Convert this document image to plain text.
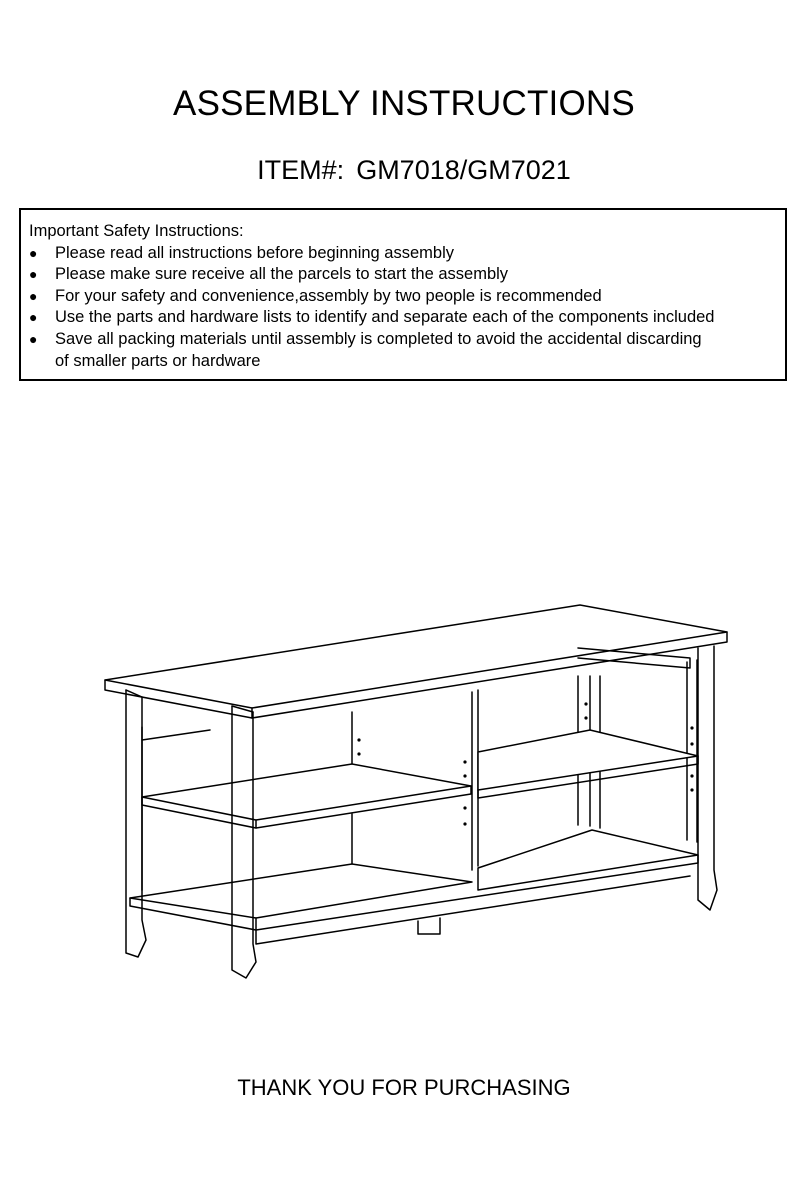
ASSEMBLY INSTRUCTIONS
ITEM#: GM7018/GM7021
Important Safety Instructions:
● Please read all instructions before beginning assembly
● Please make sure receive all the parcels to start the assembly
● For your safety and convenience,assembly by two people is recommended
● Use the parts and hardware lists to identify and separate each of the components included
● Save all packing materials until assembly is completed to avoid the accidental discarding
of smaller parts or hardware
THANK YOU FOR PURCHASING
